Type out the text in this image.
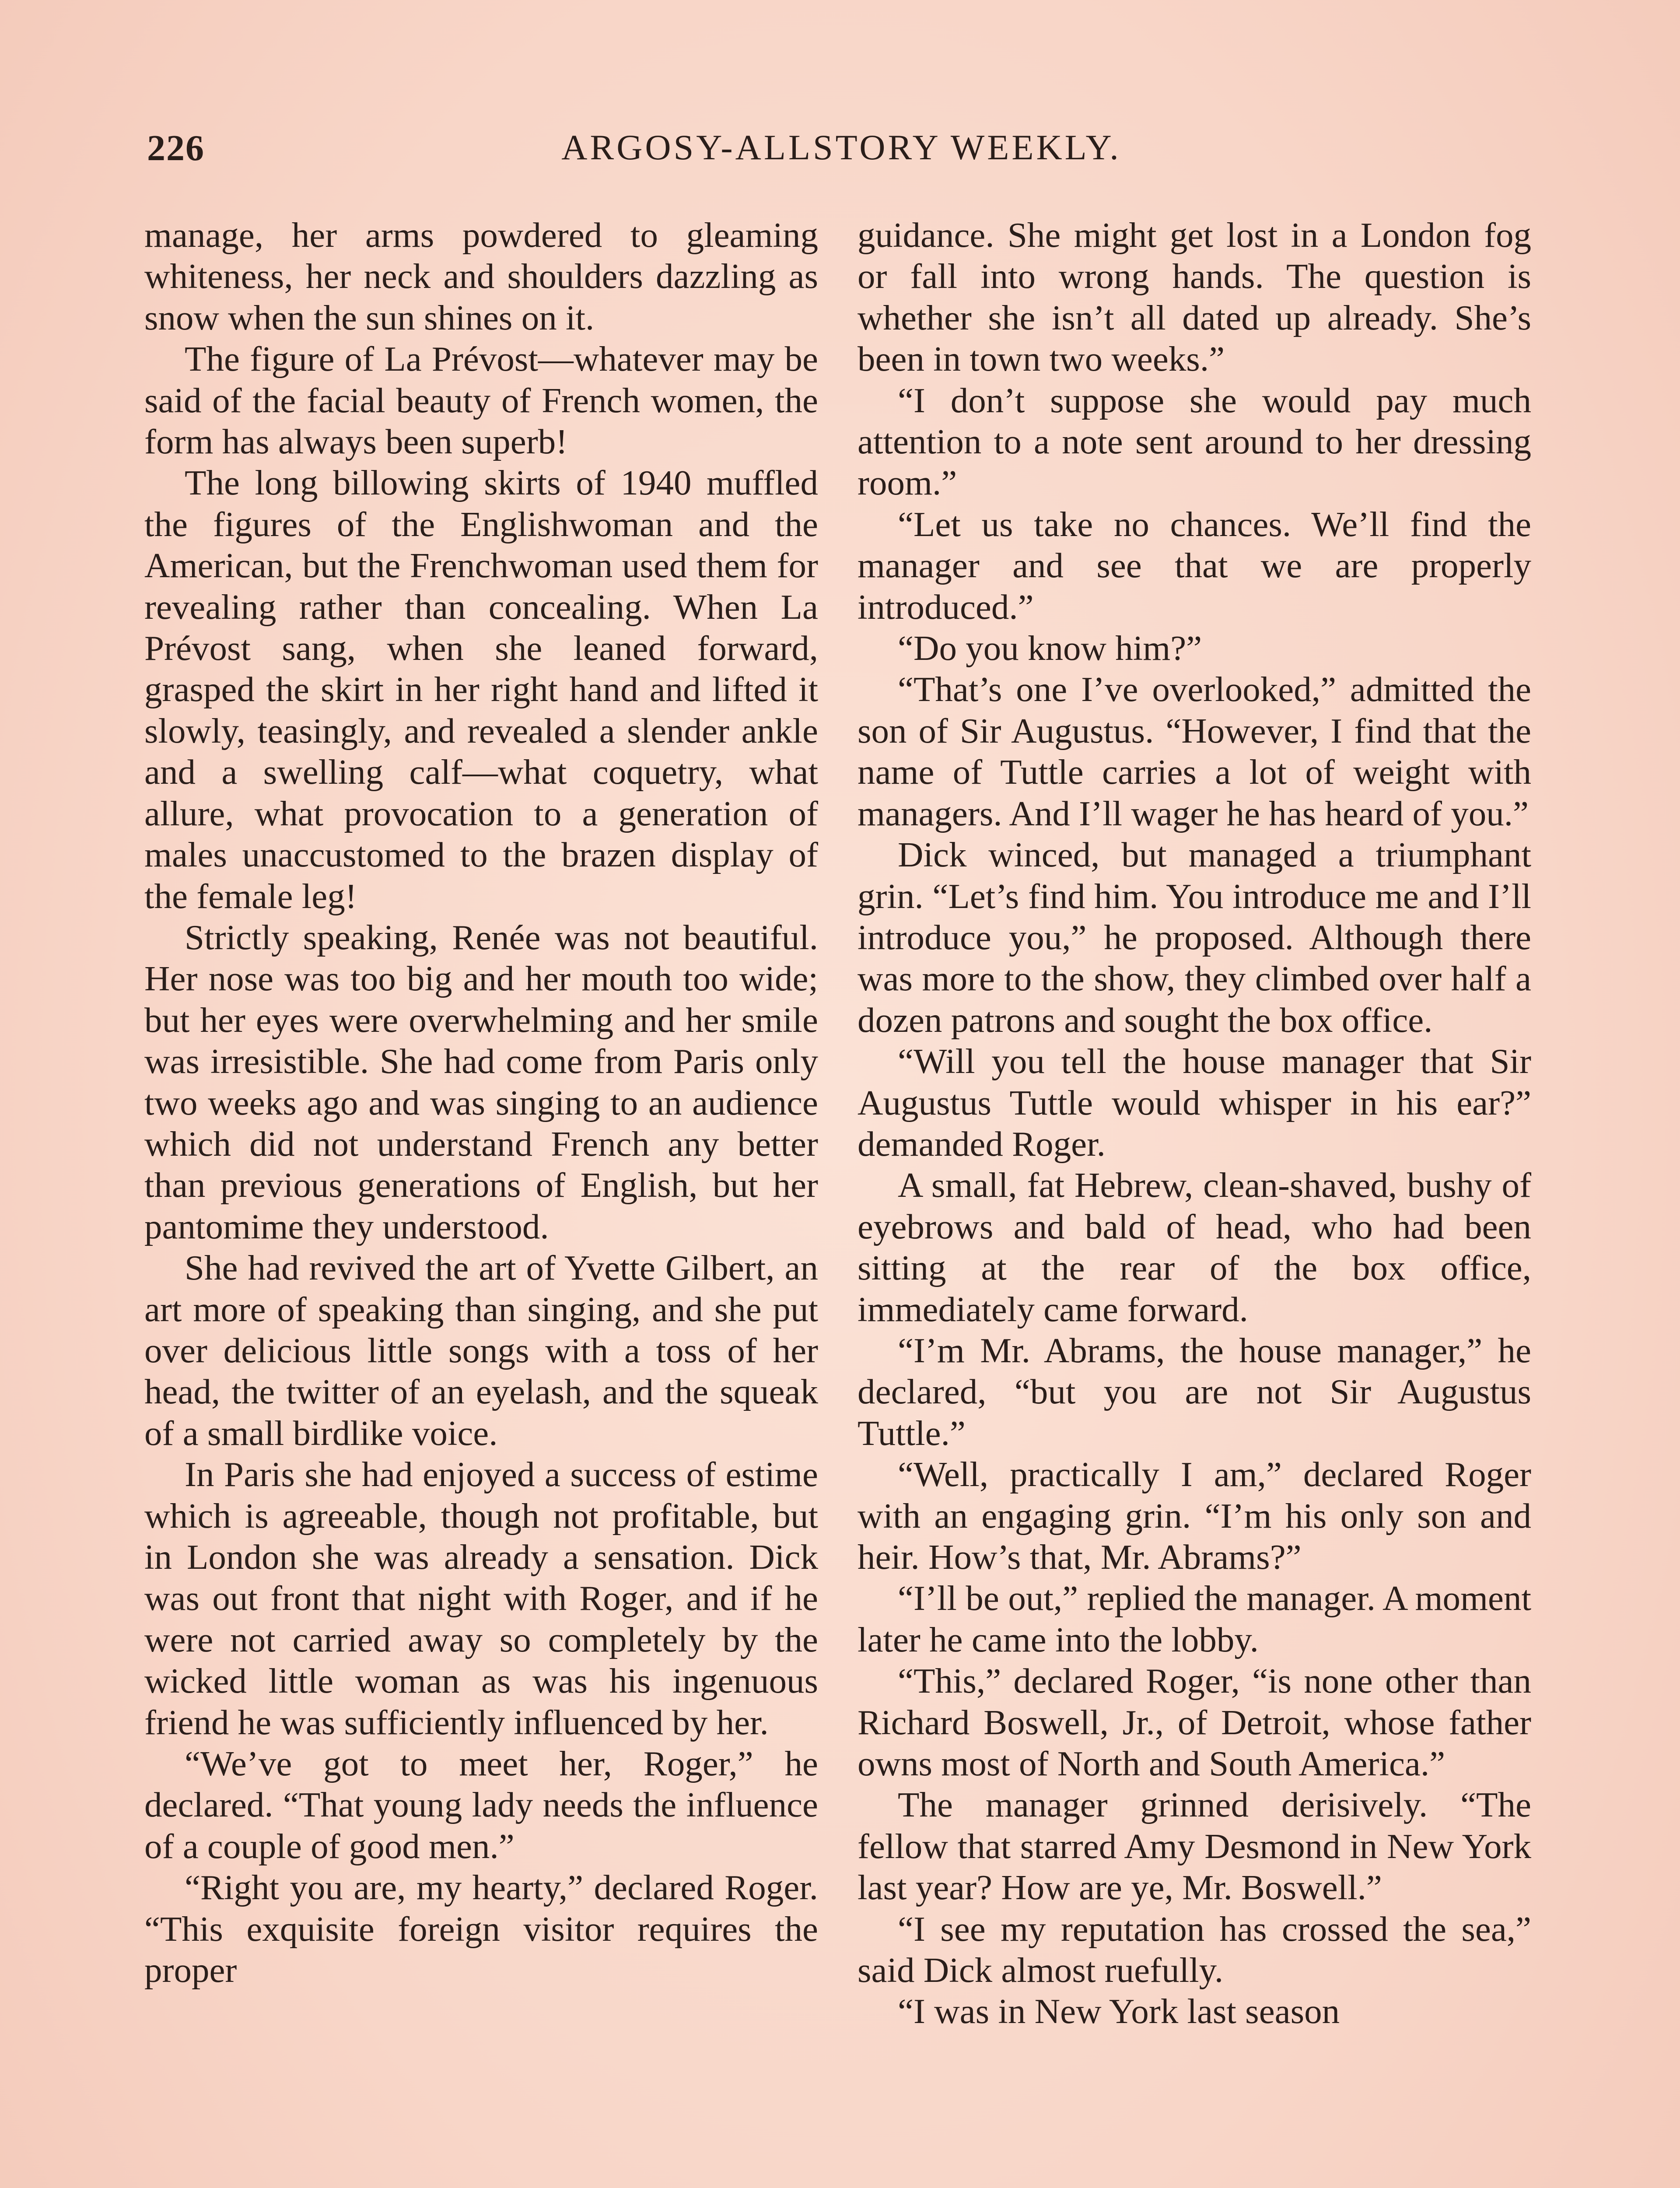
226	ARGOSY-ALLSTORY WEEKLY.

manage, her arms powdered to gleaming whiteness, her neck and shoulders dazzling as snow when the sun shines on it.

The figure of La Prévost—whatever may be said of the facial beauty of French women, the form has always been superb!

The long billowing skirts of 1940 muffled the figures of the Englishwoman and the American, but the Frenchwoman used them for revealing rather than concealing. When La Prévost sang, when she leaned forward, grasped the skirt in her right hand and lifted it slowly, teasingly, and revealed a slender ankle and a swelling calf—what coquetry, what allure, what provocation to a generation of males unaccustomed to the brazen display of the female leg!

Strictly speaking, Renée was not beautiful. Her nose was too big and her mouth too wide; but her eyes were overwhelming and her smile was irresistible. She had come from Paris only two weeks ago and was singing to an audience which did not understand French any better than previous generations of English, but her pantomime they understood.

She had revived the art of Yvette Gilbert, an art more of speaking than singing, and she put over delicious little songs with a toss of her head, the twitter of an eyelash, and the squeak of a small birdlike voice.

In Paris she had enjoyed a success of estime which is agreeable, though not profitable, but in London she was already a sensation. Dick was out front that night with Roger, and if he were not carried away so completely by the wicked little woman as was his ingenuous friend he was sufficiently influenced by her.

“We’ve got to meet her, Roger,” he declared. “That young lady needs the influence of a couple of good men.”

“Right you are, my hearty,” declared Roger. “This exquisite foreign visitor requires the proper

guidance. She might get lost in a London fog or fall into wrong hands. The question is whether she isn’t all dated up already. She’s been in town two weeks.”

“I don’t suppose she would pay much attention to a note sent around to her dressing room.”

“Let us take no chances. We’ll find the manager and see that we are properly introduced.”

“Do you know him?”

“That’s one I’ve overlooked,” admitted the son of Sir Augustus. “However, I find that the name of Tuttle carries a lot of weight with managers. And I’ll wager he has heard of you.”

Dick winced, but managed a triumphant grin. “Let’s find him. You introduce me and I’ll introduce you,” he proposed. Although there was more to the show, they climbed over half a dozen patrons and sought the box office.

“Will you tell the house manager that Sir Augustus Tuttle would whisper in his ear?” demanded Roger.

A small, fat Hebrew, clean-shaved, bushy of eyebrows and bald of head, who had been sitting at the rear of the box office, immediately came forward.

“I’m Mr. Abrams, the house manager,” he declared, “but you are not Sir Augustus Tuttle.”

“Well, practically I am,” declared Roger with an engaging grin. “I’m his only son and heir. How’s that, Mr. Abrams?”

“I’ll be out,” replied the manager. A moment later he came into the lobby.

“This,” declared Roger, “is none other than Richard Boswell, Jr., of Detroit, whose father owns most of North and South America.”

The manager grinned derisively. “The fellow that starred Amy Desmond in New York last year? How are ye, Mr. Boswell.”

“I see my reputation has crossed the sea,” said Dick almost ruefully.

“I was in New York last season
